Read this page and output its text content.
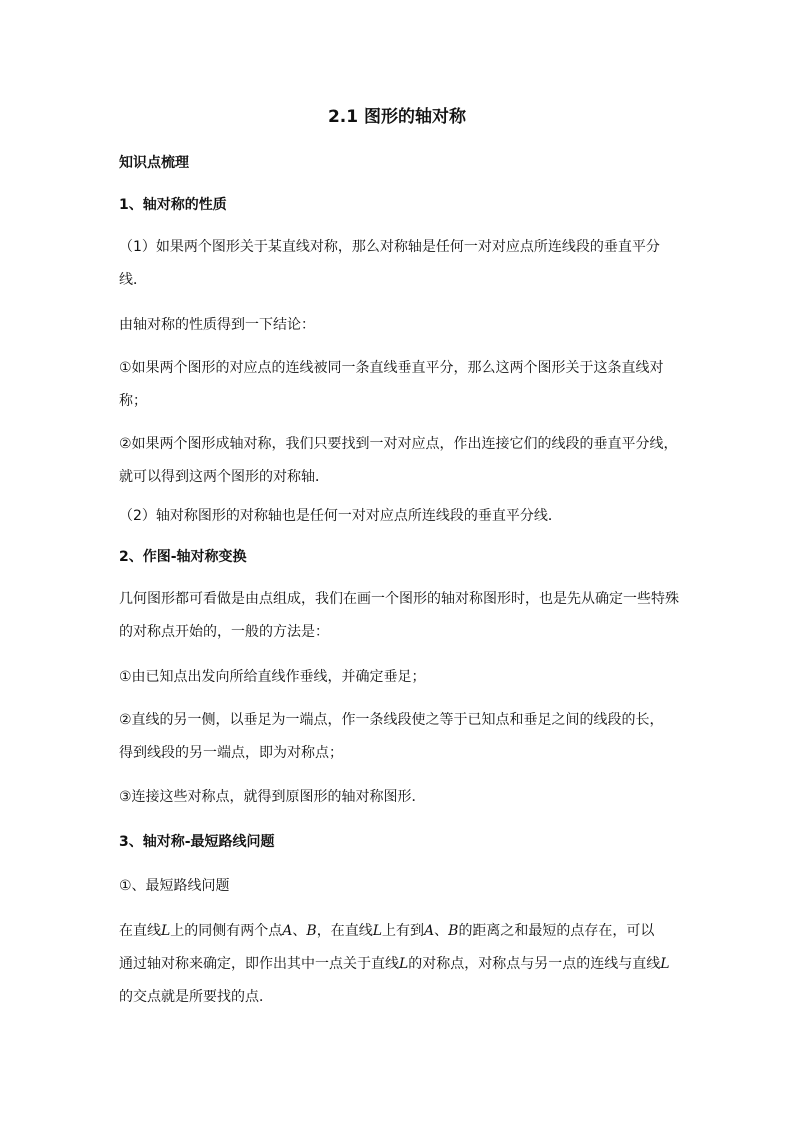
2.1 图形的轴对称
知识点梳理
1、轴对称的性质
（1）如果两个图形关于某直线对称，那么对称轴是任何一对对应点所连线段的垂直平分
线．
由轴对称的性质得到一下结论：
①如果两个图形的对应点的连线被同一条直线垂直平分，那么这两个图形关于这条直线对
称；
②如果两个图形成轴对称，我们只要找到一对对应点，作出连接它们的线段的垂直平分线，
就可以得到这两个图形的对称轴．
（2）轴对称图形的对称轴也是任何一对对应点所连线段的垂直平分线．
2、作图-轴对称变换
几何图形都可看做是由点组成，我们在画一个图形的轴对称图形时，也是先从确定一些特殊
的对称点开始的，一般的方法是：
①由已知点出发向所给直线作垂线，并确定垂足；
②直线的另一侧，以垂足为一端点，作一条线段使之等于已知点和垂足之间的线段的长，
得到线段的另一端点，即为对称点；
③连接这些对称点，就得到原图形的轴对称图形．
3、轴对称-最短路线问题
①、最短路线问题
在直线L上的同侧有两个点A、B，在直线L上有到A、B的距离之和最短的点存在，可以
通过轴对称来确定，即作出其中一点关于直线L的对称点，对称点与另一点的连线与直线L
的交点就是所要找的点．
